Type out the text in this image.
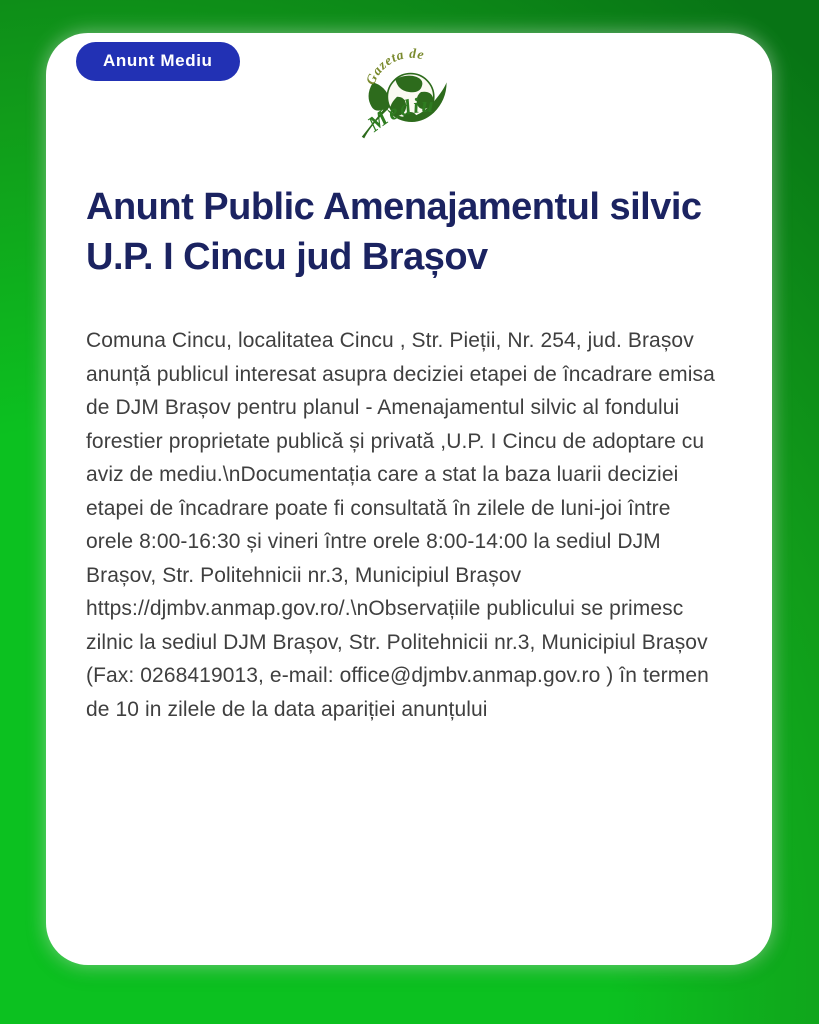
Anunt Mediu
Gazeta de
Mediu
Anunt Public Amenajamentul silvic U.P. I Cincu jud Brașov

Comuna Cincu, localitatea Cincu , Str. Pieții, Nr. 254, jud. Brașov anunță publicul interesat asupra deciziei etapei de încadrare emisa de DJM Brașov pentru planul - Amenajamentul silvic al fondului forestier proprietate publică și privată ,U.P. I Cincu de adoptare cu aviz de mediu.\nDocumentația care a stat la baza luarii deciziei etapei de încadrare poate fi consultată în zilele de luni-joi între orele 8:00-16:30 și vineri între orele 8:00-14:00 la sediul DJM Brașov, Str. Politehnicii nr.3, Municipiul Brașov https://djmbv.anmap.gov.ro/.\nObservațiile publicului se primesc zilnic la sediul DJM Brașov, Str. Politehnicii nr.3, Municipiul Brașov (Fax: 0268419013, e-mail: office@djmbv.anmap.gov.ro ) în termen de 10 in zilele de la data apariției anunțului
